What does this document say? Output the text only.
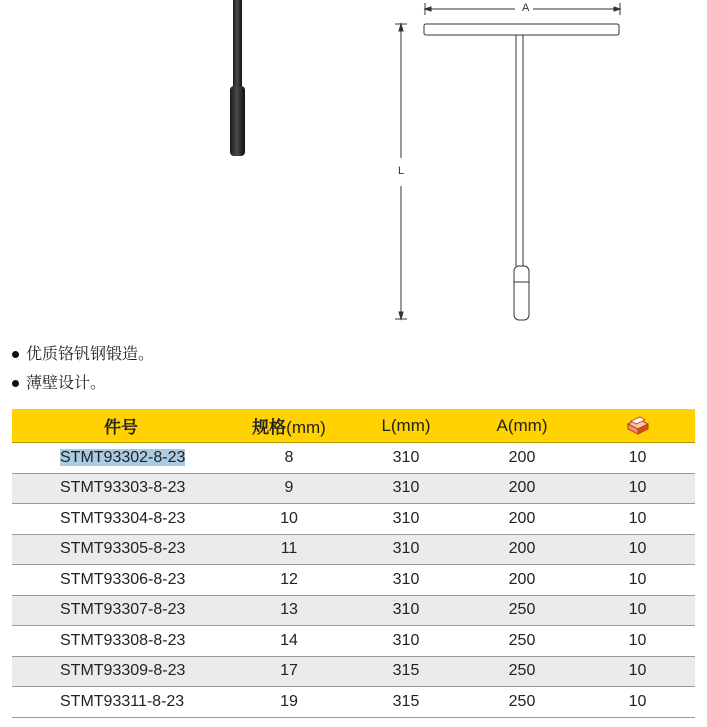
A
L
优质铬钒钢锻造。
薄壁设计。
件号	规格(mm)	L(mm)	A(mm)	
STMT93302-8-23	8	310	200	10
STMT93303-8-23	9	310	200	10
STMT93304-8-23	10	310	200	10
STMT93305-8-23	11	310	200	10
STMT93306-8-23	12	310	200	10
STMT93307-8-23	13	310	250	10
STMT93308-8-23	14	310	250	10
STMT93309-8-23	17	315	250	10
STMT93311-8-23	19	315	250	10
